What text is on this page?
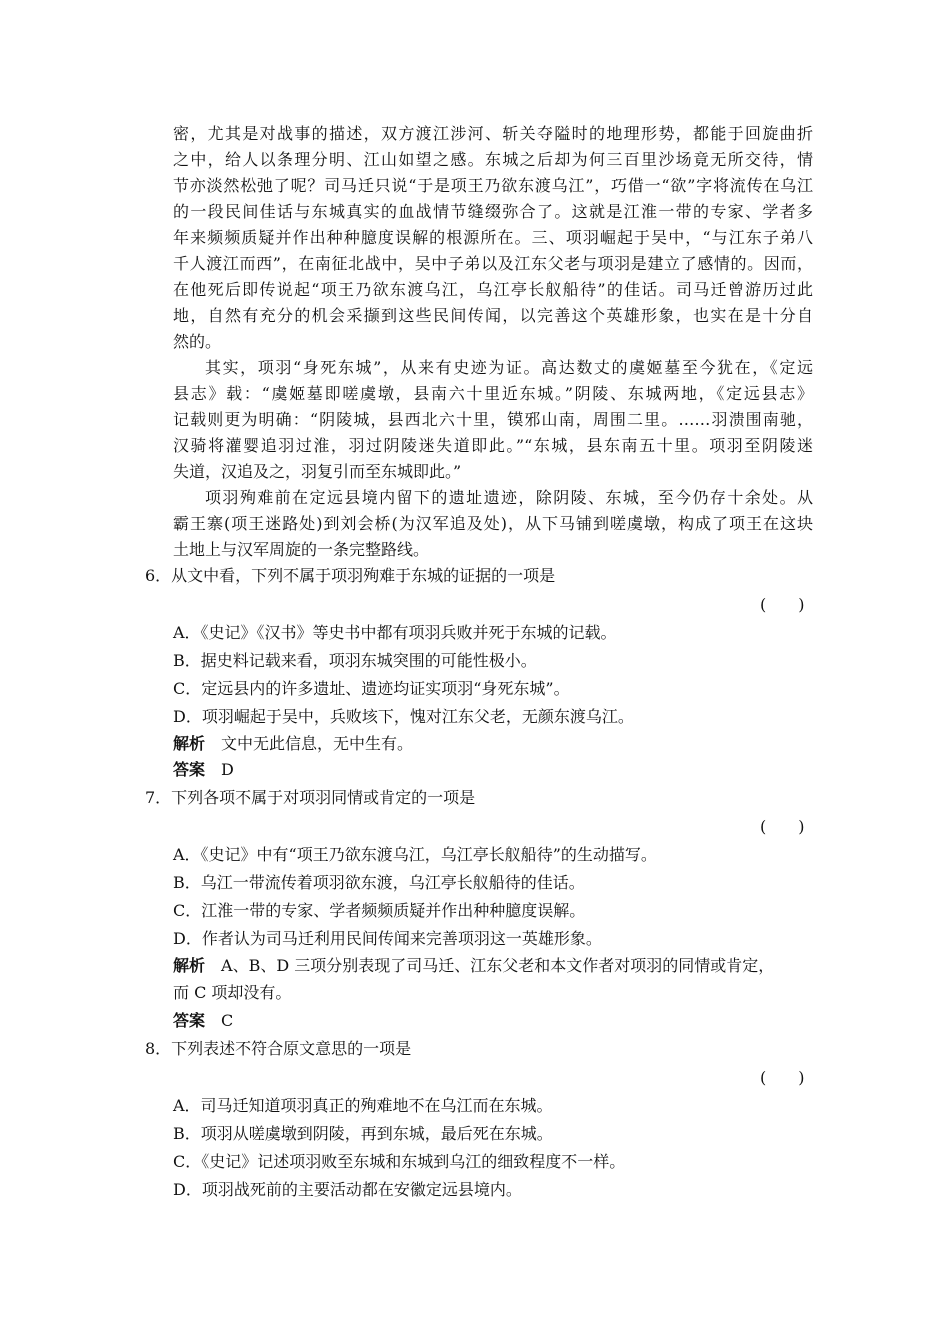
密，尤其是对战事的描述，双方渡江涉河、斩关夺隘时的地理形势，都能于回旋曲折
之中，给人以条理分明、江山如望之感。东城之后却为何三百里沙场竟无所交待，情
节亦淡然松弛了呢？司马迁只说“于是项王乃欲东渡乌江”，巧借一“欲”字将流传在乌江
的一段民间佳话与东城真实的血战情节缝缀弥合了。这就是江淮一带的专家、学者多
年来频频质疑并作出种种臆度误解的根源所在。三、项羽崛起于吴中，“与江东子弟八
千人渡江而西”，在南征北战中，吴中子弟以及江东父老与项羽是建立了感情的。因而，
在他死后即传说起“项王乃欲东渡乌江，乌江亭长舣船待”的佳话。司马迁曾游历过此
地，自然有充分的机会采撷到这些民间传闻，以完善这个英雄形象，也实在是十分自
然的。
其实，项羽“身死东城”，从来有史迹为证。高达数丈的虞姬墓至今犹在，《定远
县志》载：“虞姬墓即嗟虞墩，县南六十里近东城。”阴陵、东城两地，《定远县志》
记载则更为明确：“阴陵城，县西北六十里，镆邪山南，周围二里。……羽溃围南驰，
汉骑将灌婴追羽过淮，羽过阴陵迷失道即此。”“东城，县东南五十里。项羽至阴陵迷
失道，汉追及之，羽复引而至东城即此。”
项羽殉难前在定远县境内留下的遗址遗迹，除阴陵、东城，至今仍存十余处。从
霸王寨(项王迷路处)到刘会桥(为汉军追及处)，从下马铺到嗟虞墩，构成了项王在这块
土地上与汉军周旋的一条完整路线。
6．从文中看，下列不属于项羽殉难于东城的证据的一项是
(　　)
A．《史记》《汉书》等史书中都有项羽兵败并死于东城的记载。
B．据史料记载来看，项羽东城突围的可能性极小。
C．定远县内的许多遗址、遗迹均证实项羽“身死东城”。
D．项羽崛起于吴中，兵败垓下，愧对江东父老，无颜东渡乌江。
解析  文中无此信息，无中生有。
答案  D
7．下列各项不属于对项羽同情或肯定的一项是
(　　)
A．《史记》中有“项王乃欲东渡乌江，乌江亭长舣船待”的生动描写。
B．乌江一带流传着项羽欲东渡，乌江亭长舣船待的佳话。
C．江淮一带的专家、学者频频质疑并作出种种臆度误解。
D．作者认为司马迁利用民间传闻来完善项羽这一英雄形象。
解析  A、B、D 三项分别表现了司马迁、江东父老和本文作者对项羽的同情或肯定，
而 C 项却没有。
答案  C
8．下列表述不符合原文意思的一项是
(　　)
A．司马迁知道项羽真正的殉难地不在乌江而在东城。
B．项羽从嗟虞墩到阴陵，再到东城，最后死在东城。
C．《史记》记述项羽败至东城和东城到乌江的细致程度不一样。
D．项羽战死前的主要活动都在安徽定远县境内。
